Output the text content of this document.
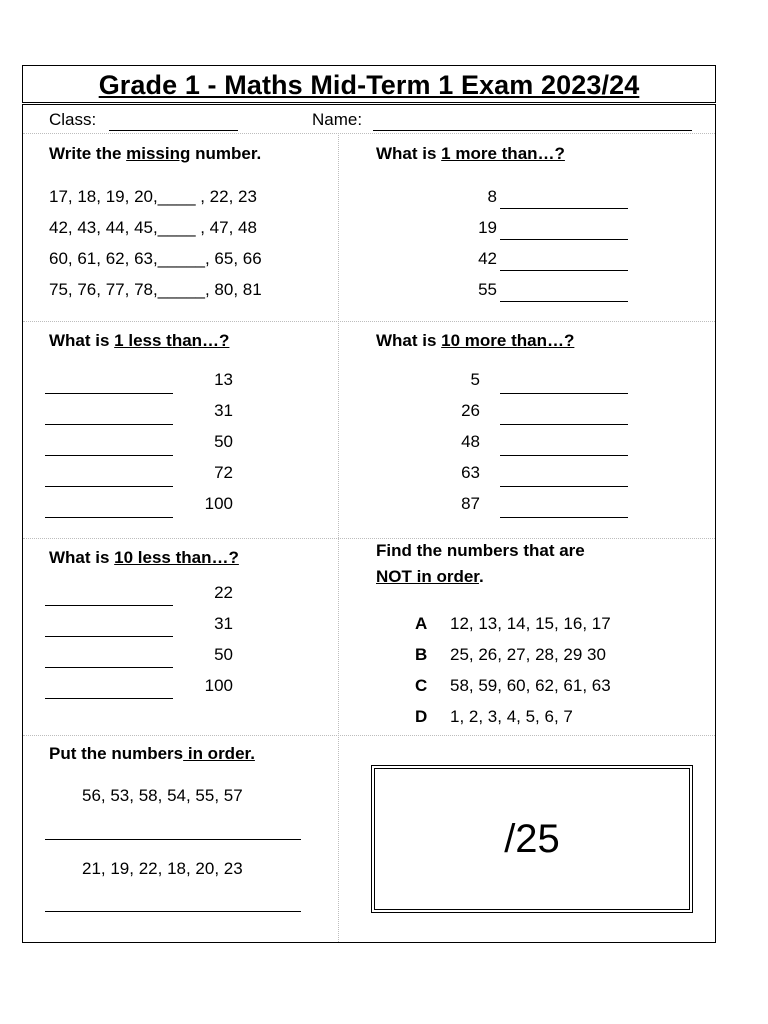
Grade 1 - Maths Mid-Term 1 Exam 2023/24
Class:	Name:
Write the missing number.
17, 18, 19, 20,____ , 22, 23
42, 43, 44, 45,____ , 47, 48
60, 61, 62, 63,_____, 65, 66
75, 76, 77, 78,_____, 80, 81
What is 1 more than…?
8
19
42
55
What is 1 less than…?
13
31
50
72
100
What is 10 more than…?
5
26
48
63
87
What is 10 less than…?
22
31
50
100
Find the numbers that are
NOT in order.
A 12, 13, 14, 15, 16, 17
B 25, 26, 27, 28, 29 30
C 58, 59, 60, 62, 61, 63
D 1, 2, 3, 4, 5, 6, 7
Put the numbers in order.
56, 53, 58, 54, 55, 57
21, 19, 22, 18, 20, 23
/25
